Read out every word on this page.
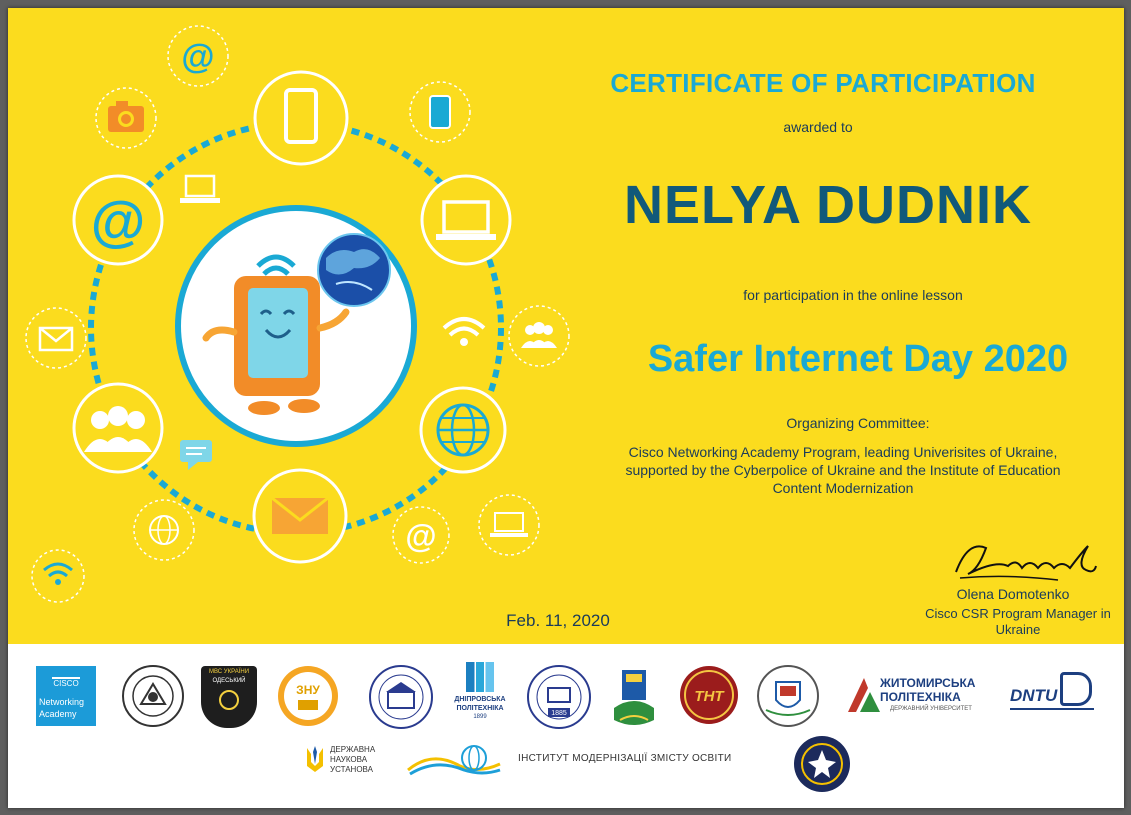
@
@
@
CERTIFICATE OF PARTICIPATION
awarded to
NELYA DUDNIK
for participation in the online lesson
Safer Internet Day 2020
Organizing Committee:
Cisco Networking Academy Program, leading Univerisites of Ukraine, supported by the Cyberpolice of Ukraine and the Institute of Education Content Modernization
Feb. 11, 2020
Olena Domotenko
Cisco CSR Program Manager in Ukraine
CISCO
Networking
Academy
МВС УКРАЇНИ
ОДЕСЬКИЙ
ЗНУ
ДНІПРОВСЬКА
ПОЛІТЕХНІКА
1899	1885
ТНТ
ЖИТОМИРСЬКА
ПОЛІТЕХНІКА
ДЕРЖАВНИЙ УНІВЕРСИТЕТ
DNTU
ДЕРЖАВНА
НАУКОВА
УСТАНОВА
ІНСТИТУТ МОДЕРНІЗАЦІЇ ЗМІСТУ ОСВІТИ
